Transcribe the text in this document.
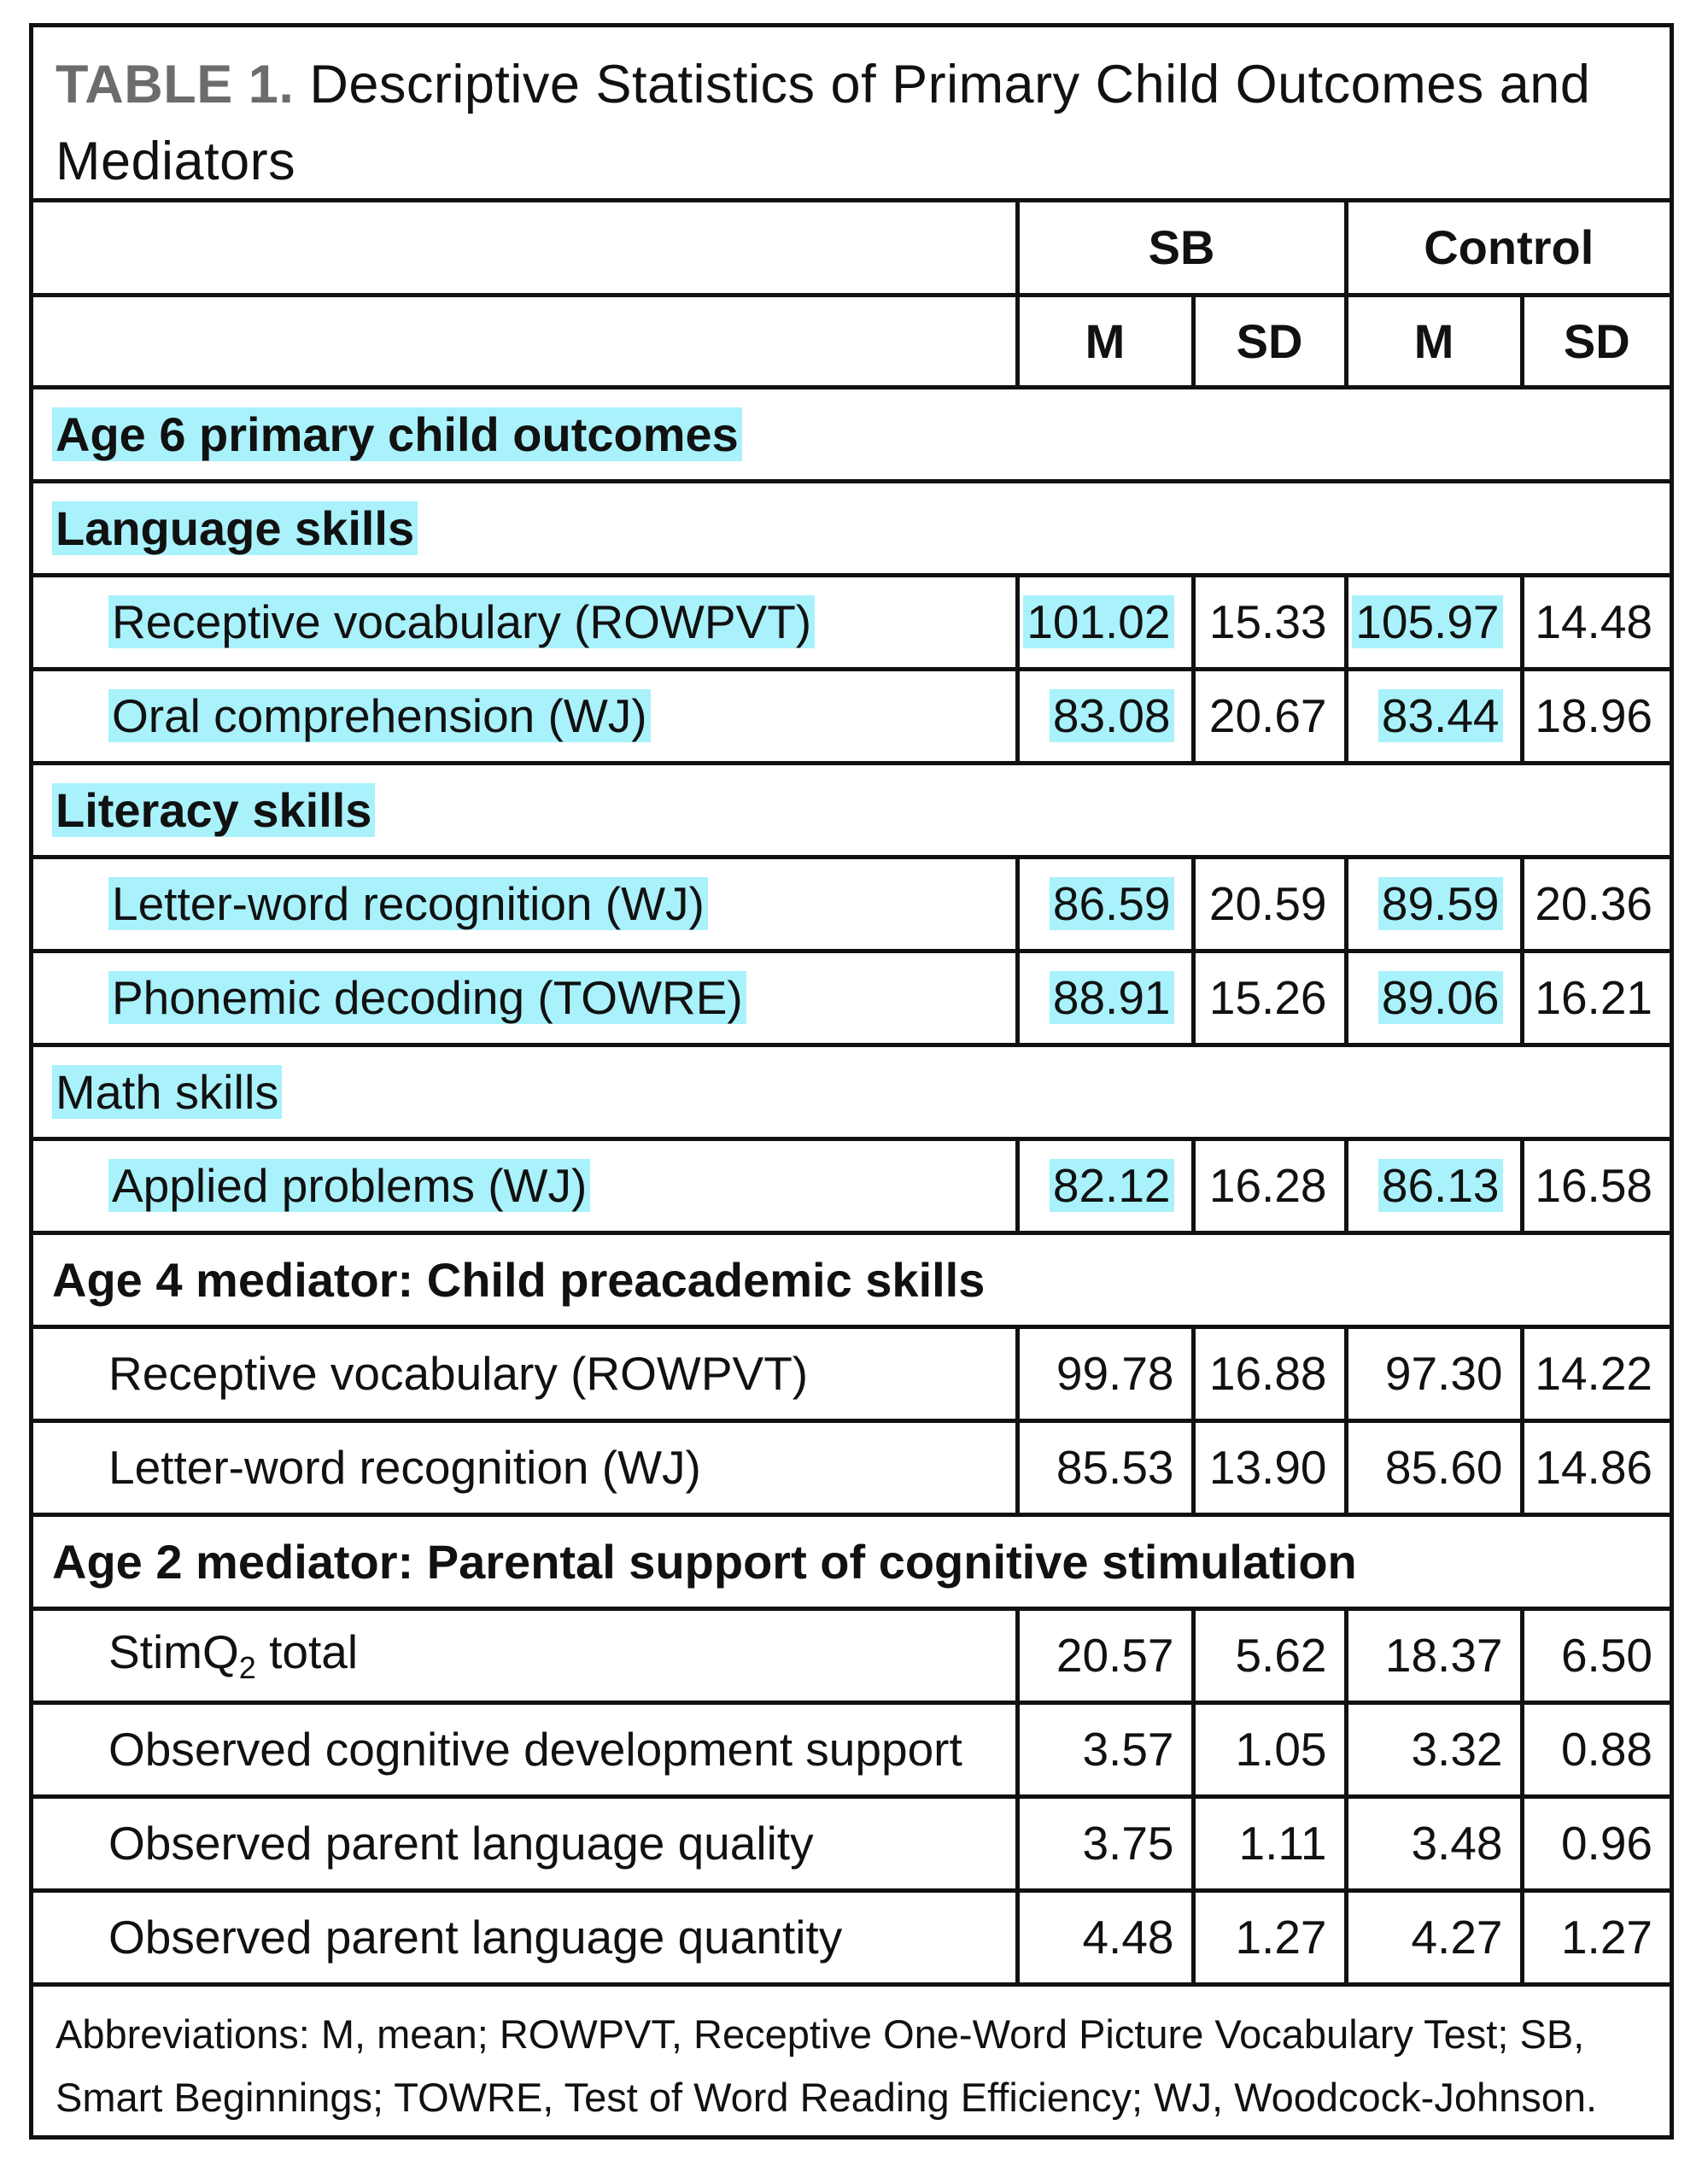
TABLE 1. Descriptive Statistics of Primary Child Outcomes and Mediators
	SB		Control	
	M	SD	M	SD
Age 6 primary child outcomes				
Language skills				
Receptive vocabulary (ROWPVT)	101.02	15.33	105.97	14.48
Oral comprehension (WJ)	83.08	20.67	83.44	18.96
Literacy skills				
Letter-word recognition (WJ)	86.59	20.59	89.59	20.36
Phonemic decoding (TOWRE)	88.91	15.26	89.06	16.21
Math skills				
Applied problems (WJ)	82.12	16.28	86.13	16.58
Age 4 mediator: Child preacademic skills				
Receptive vocabulary (ROWPVT)	99.78	16.88	97.30	14.22
Letter-word recognition (WJ)	85.53	13.90	85.60	14.86
Age 2 mediator: Parental support of cognitive stimulation				
StimQ$_2$ total	20.57	5.62	18.37	6.50
Observed cognitive development support	3.57	1.05	3.32	0.88
Observed parent language quality	3.75	1.11	3.48	0.96
Observed parent language quantity	4.48	1.27	4.27	1.27
Abbreviations: M, mean; ROWPVT, Receptive One-Word Picture Vocabulary Test; SB, Smart Beginnings; TOWRE, Test of Word Reading Efficiency; WJ, Woodcock-Johnson.
